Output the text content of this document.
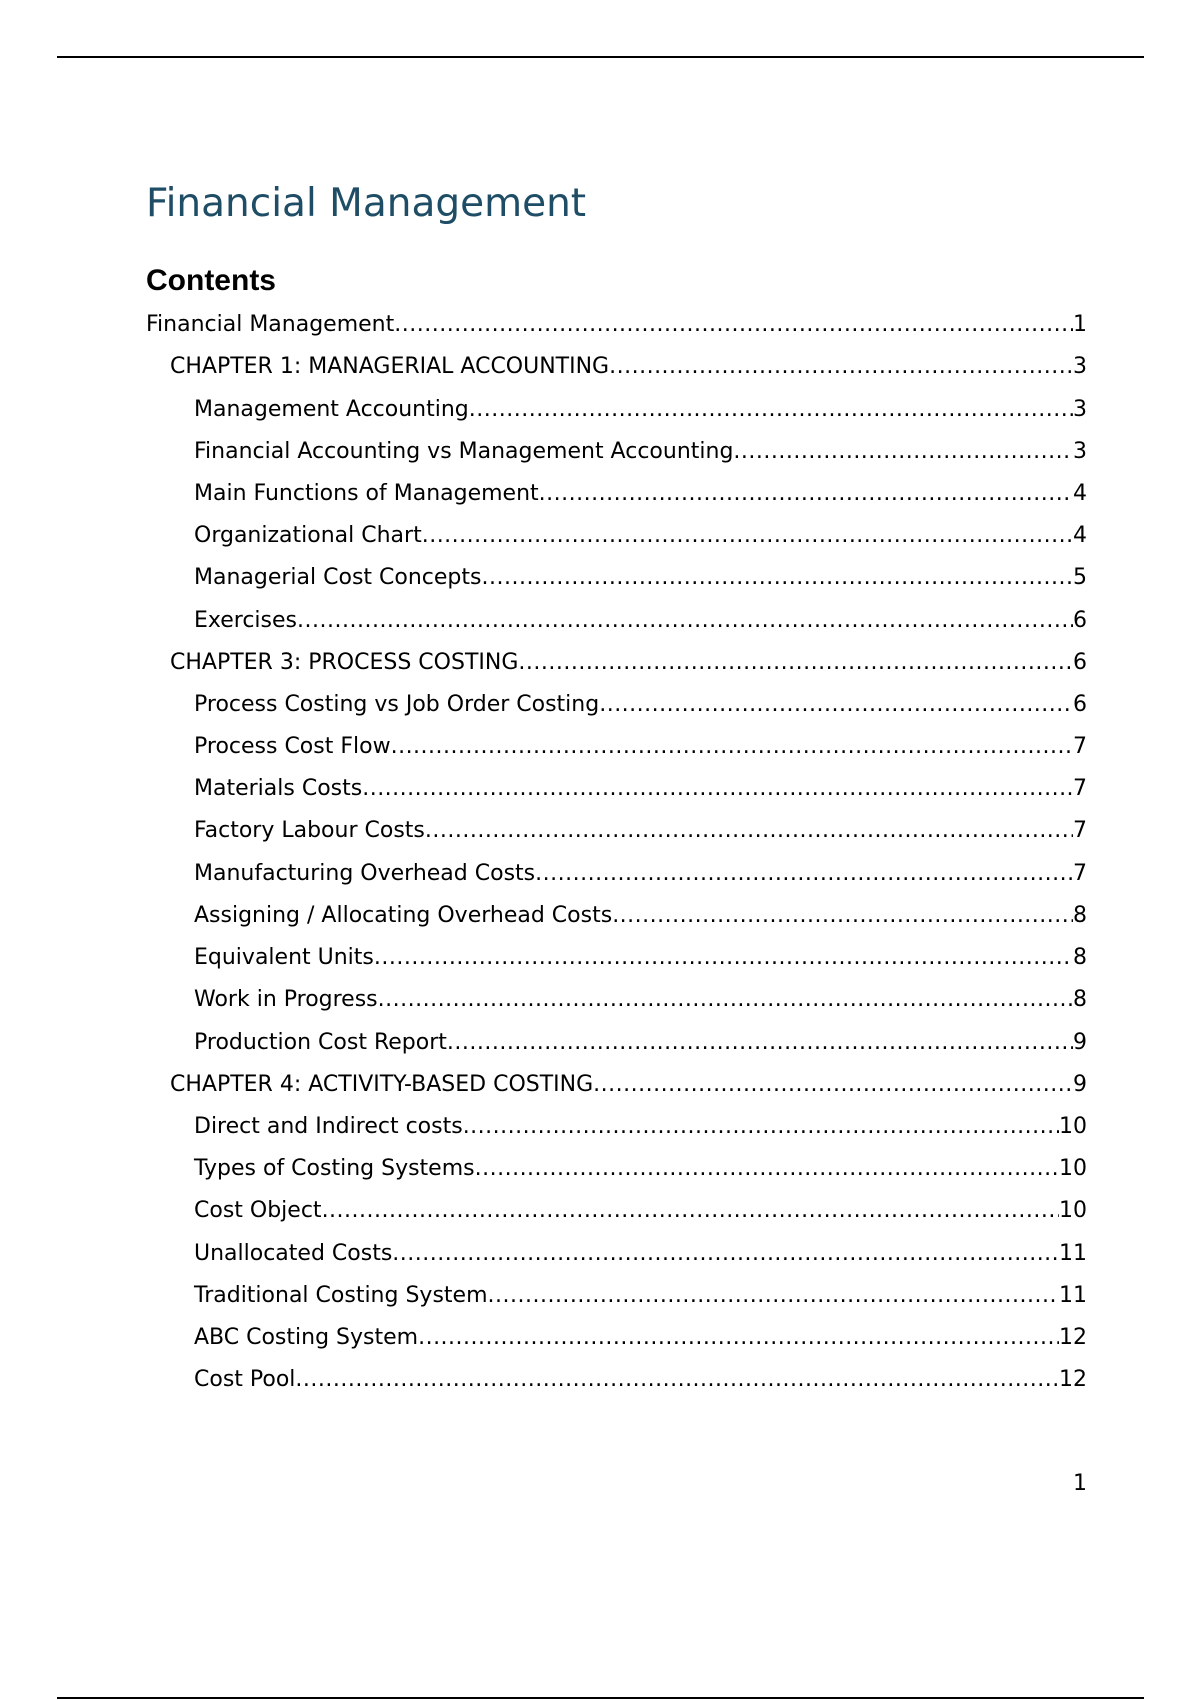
Financial Management
Contents
Financial Management .....	1
CHAPTER 1: MANAGERIAL ACCOUNTING .....	3
Management Accounting .....	3
Financial Accounting vs Management Accounting .....	3
Main Functions of Management .....	4
Organizational Chart .....	4
Managerial Cost Concepts .....	5
Exercises .....	6
CHAPTER 3: PROCESS COSTING .....	6
Process Costing vs Job Order Costing .....	6
Process Cost Flow .....	7
Materials Costs .....	7
Factory Labour Costs .....	7
Manufacturing Overhead Costs .....	7
Assigning / Allocating Overhead Costs .....	8
Equivalent Units .....	8
Work in Progress .....	8
Production Cost Report .....	9
CHAPTER 4: ACTIVITY-BASED COSTING .....	9
Direct and Indirect costs .....	10
Types of Costing Systems .....	10
Cost Object .....	10
Unallocated Costs .....	11
Traditional Costing System .....	11
ABC Costing System .....	12
Cost Pool .....	12
1
